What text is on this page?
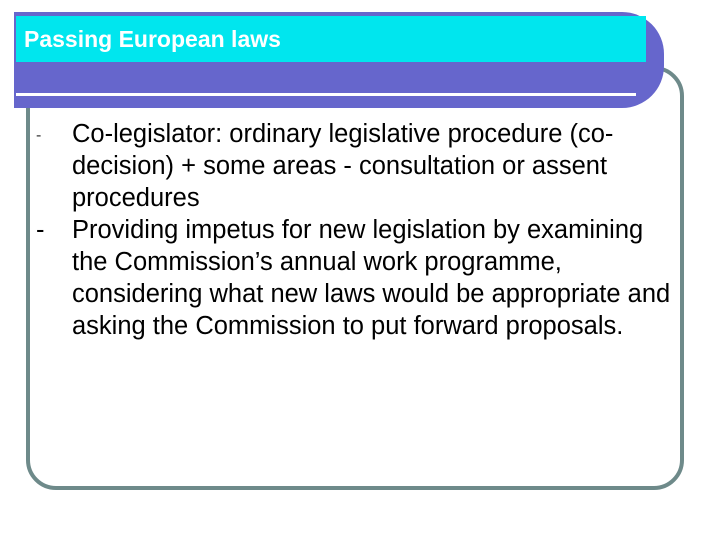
Passing European laws
- Co-legislator: ordinary legislative procedure (co-decision) + some areas - consultation or assent procedures
- Providing impetus for new legislation by examining the Commission’s annual work programme, considering what new laws would be appropriate and asking the Commission to put forward proposals.
